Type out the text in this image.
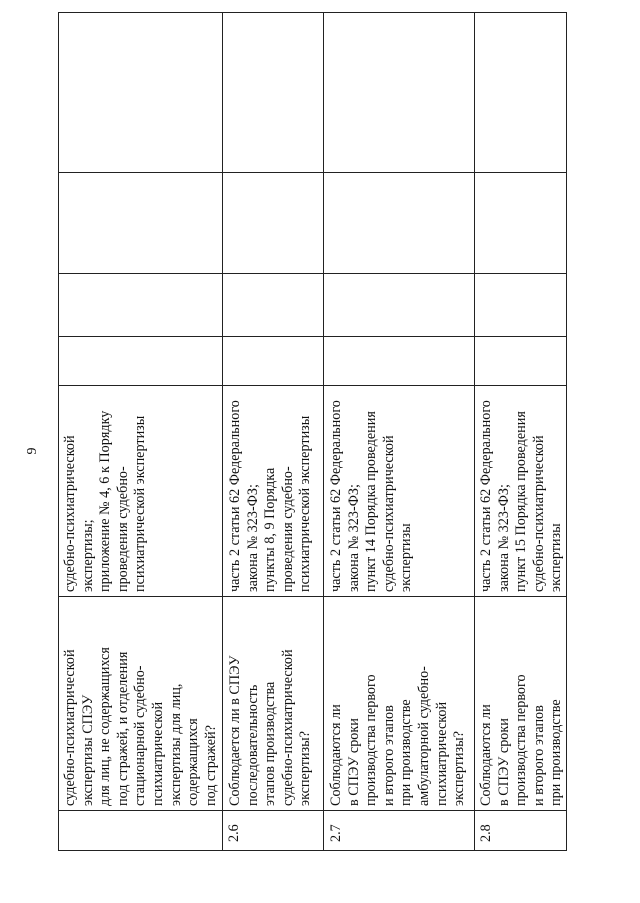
9
судебно-психиатрической
экспертизы СПЭУ
для лиц, не содержащихся
под стражей, и отделения
стационарной судебно-
психиатрической
экспертизы для лиц,
содержащихся
под стражей?
судебно-психиатрической
экспертизы;
приложение № 4, 6 к Порядку
проведения судебно-
психиатрической экспертизы
2.6
Соблюдается ли в СПЭУ
последовательность
этапов производства
судебно-психиатрической
экспертизы?
часть 2 статьи 62 Федерального
закона № 323-ФЗ;
пункты 8, 9 Порядка
проведения судебно-
психиатрической экспертизы
2.7
Соблюдаются ли
в СПЭУ сроки
производства первого
и второго этапов
при производстве
амбулаторной судебно-
психиатрической
экспертизы?
часть 2 статьи 62 Федерального
закона № 323-ФЗ;
пункт 14 Порядка проведения
судебно-психиатрической
экспертизы
2.8
Соблюдаются ли
в СПЭУ сроки
производства первого
и второго этапов
при производстве
часть 2 статьи 62 Федерального
закона № 323-ФЗ;
пункт 15 Порядка проведения
судебно-психиатрической
экспертизы
